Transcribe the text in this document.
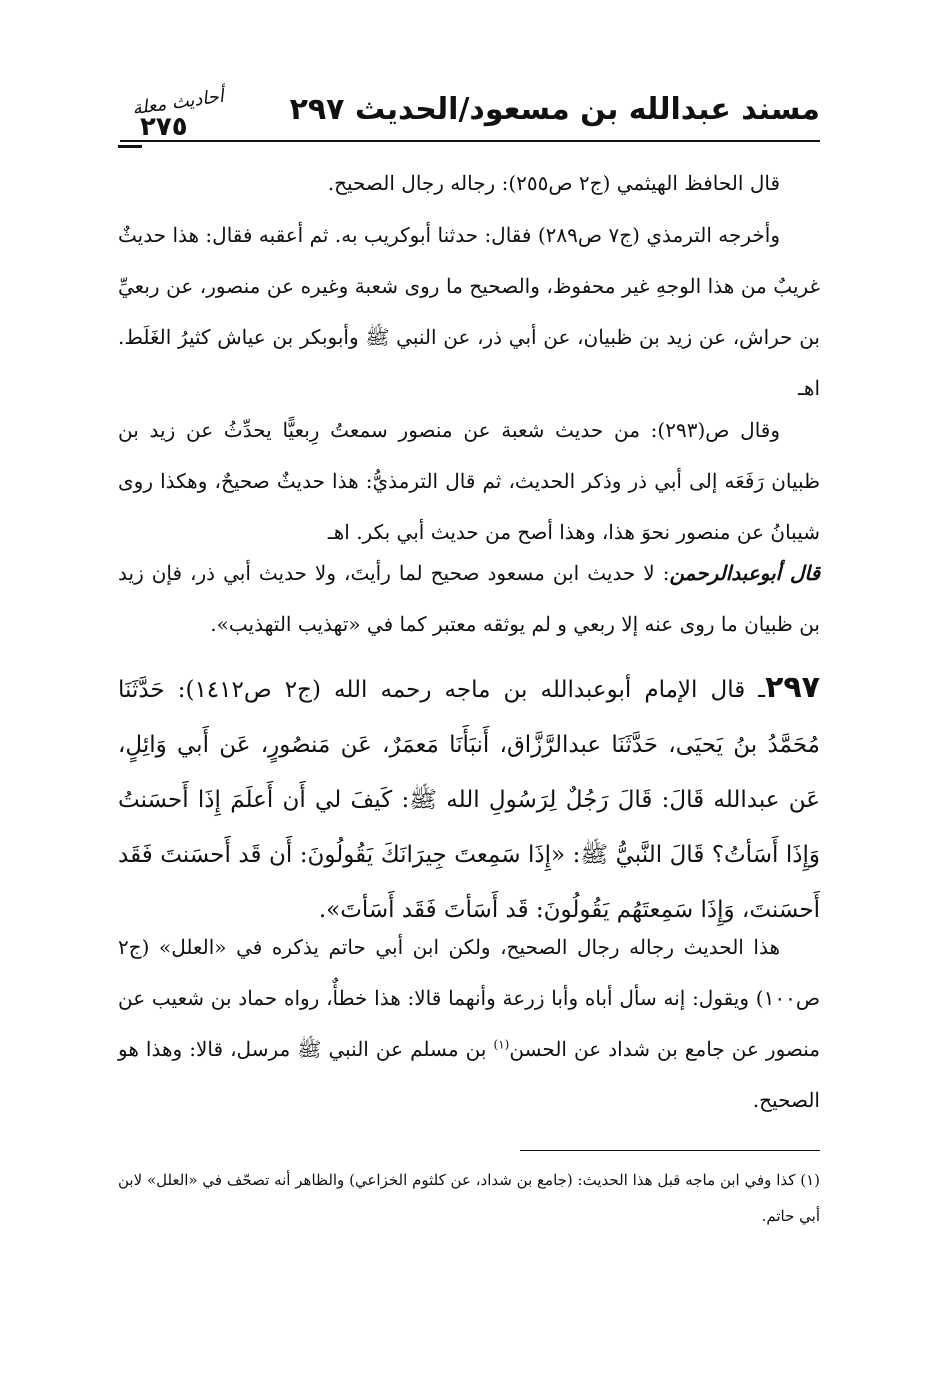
مسند عبدالله بن مسعود/الحديث ٢٩٧
أحاديث معلة
٢٧٥
قال الحافظ الهيثمي (ج٢ ص٢٥٥): رجاله رجال الصحيح.
وأخرجه الترمذي (ج٧ ص٢٨٩) فقال: حدثنا أبوكريب به. ثم أعقبه فقال: هذا حديثٌ غريبٌ من هذا الوجهِ غير محفوظ، والصحيح ما روى شعبة وغيره عن منصور، عن ربعيِّ بن حراش، عن زيد بن ظبيان، عن أبي ذر، عن النبي ﷺ وأبوبكر بن عياش كثيرُ الغَلَط. اهـ
وقال ص(٢٩٣): من حديث شعبة عن منصور سمعتُ رِبعيًّا يحدِّثُ عن زيد بن ظبيان رَفَعَه إلى أبي ذر وذكر الحديث، ثم قال الترمذيُّ: هذا حديثٌ صحيحٌ، وهكذا روى شيبانُ عن منصور نحوَ هذا، وهذا أصح من حديث أبي بكر. اهـ
قال أبوعبدالرحمن: لا حديث ابن مسعود صحيح لما رأيتَ، ولا حديث أبي ذر، فإن زيد بن ظبيان ما روى عنه إلا ربعي و لم يوثقه معتبر كما في «تهذيب التهذيب».
٢٩٧ـ قال الإمام أبوعبدالله بن ماجه رحمه الله (ج٢ ص١٤١٢): حَدَّثَنَا مُحَمَّدُ بنُ يَحيَى، حَدَّثَنَا عبدالرَّزَّاق، أَنبَأَنَا مَعمَرٌ، عَن مَنصُورٍ، عَن أَبي وَائِلٍ، عَن عبدالله قَالَ: قَالَ رَجُلٌ لِرَسُولِ الله ﷺ: كَيفَ لي أَن أَعلَمَ إِذَا أَحسَنتُ وَإِذَا أَسَأتُ؟ قَالَ النَّبيُّ ﷺ: «إِذَا سَمِعتَ جِيرَانَكَ يَقُولُونَ: أَن قَد أَحسَنتَ فَقَد أَحسَنتَ، وَإِذَا سَمِعتَهُم يَقُولُونَ: قَد أَسَأتَ فَقَد أَسَأتَ».
هذا الحديث رجاله رجال الصحيح، ولكن ابن أبي حاتم يذكره في «العلل» (ج٢ ص١٠٠) ويقول: إنه سأل أباه وأبا زرعة وأنهما قالا: هذا خطأٌ، رواه حماد بن شعيب عن منصور عن جامع بن شداد عن الحسن$^{(١)}$ بن مسلم عن النبي ﷺ مرسل، قالا: وهذا هو الصحيح.
(١) كذا وفي ابن ماجه قبل هذا الحديث: (جامع بن شداد، عن كلثوم الخزاعي) والظاهر أنه تصحّف في «العلل» لابن أبي حاتم.
